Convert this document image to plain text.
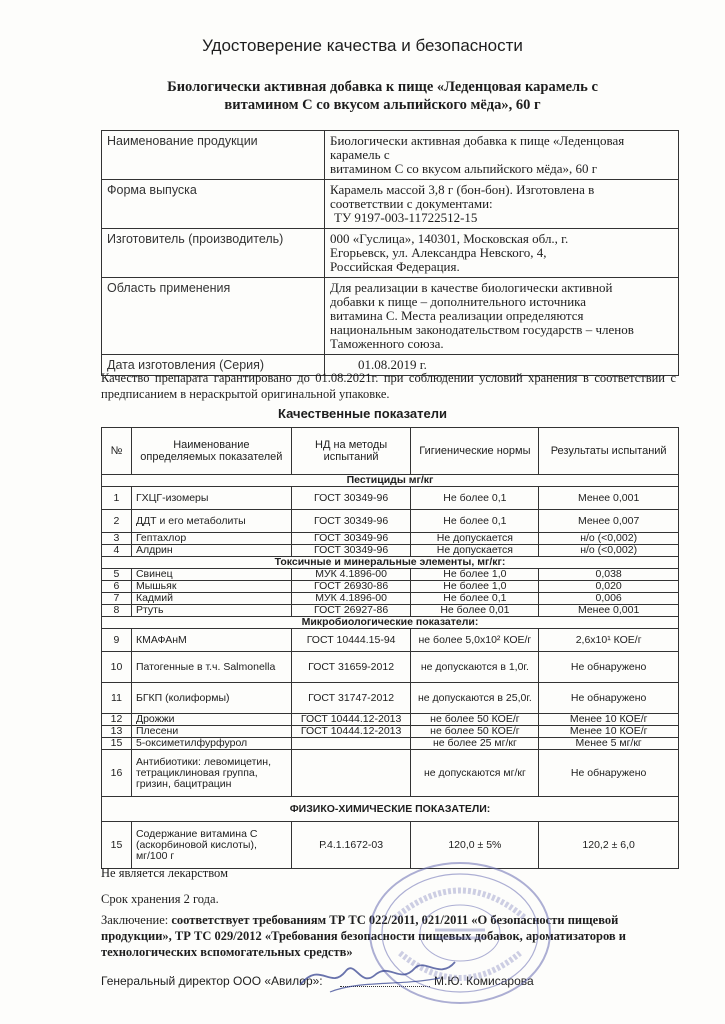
Удостоверение качества и безопасности
Биологически активная добавка к пище «Леденцовая карамель с
витамином С со вкусом альпийского мёда», 60 г
Наименование продукции	Биологически активная добавка к пище «Леденцовая
карамель с
витамином С со вкусом альпийского мёда», 60 г

Форма выпуска	Карамель массой 3,8 г (бон-бон). Изготовлена в
соответствии с документами:
ТУ 9197-003-11722512-15

Изготовитель (производитель)	000 «Гуслица», 140301, Московская обл., г.
Егорьевск, ул. Александра Невского, 4,
Российская Федерация.

Область применения	Для реализации в качестве биологически активной
добавки к пище – дополнительного источника
витамина С. Места реализации определяются
национальным законодательством государств – членов
Таможенного союза.

Дата изготовления (Серия)	01.08.2019 г.
Качество препарата гарантировано до 01.08.2021г. при соблюдении условий хранения в соответствии с предписанием в нераскрытой оригинальной упаковке.
Качественные показатели
№	Наименование определяемых показателей	НД на методы испытаний	Гигиенические нормы	Результаты испытаний
Пестициды мг/кг				
1	ГХЦГ-изомеры	ГОСТ 30349-96	Не более 0,1	Менее 0,001
2	ДДТ и его метаболиты	ГОСТ 30349-96	Не более 0,1	Менее 0,007
3	Гептахлор	ГОСТ 30349-96	Не допускается	н/о (<0,002)
4	Алдрин	ГОСТ 30349-96	Не допускается	н/о (<0,002)
Токсичные и минеральные элементы, мг/кг:				
5	Свинец	МУК 4.1896-00	Не более 1,0	0,038
6	Мышьяк	ГОСТ 26930-86	Не более 1,0	0,020
7	Кадмий	МУК 4.1896-00	Не более 0,1	0,006
8	Ртуть	ГОСТ 26927-86	Не более 0,01	Менее 0,001
Микробиологические показатели:				
9	КМАФАнМ	ГОСТ 10444.15-94	не более 5,0x10² КОЕ/г	2,6x10¹ КОЕ/г
10	Патогенные в т.ч. Salmonella	ГОСТ 31659-2012	не допускаются в 1,0г.	Не обнаружено
11	БГКП (колиформы)	ГОСТ 31747-2012	не допускаются в 25,0г.	Не обнаружено
12	Дрожжи	ГОСТ 10444.12-2013	не более 50 КОЕ/г	Менее 10 КОЕ/г
13	Плесени	ГОСТ 10444.12-2013	не более 50 КОЕ/г	Менее 10 КОЕ/г
15	5-оксиметилфурфурол		не более 25 мг/кг	Менее 5 мг/кг
16	Антибиотики: левомицетин, тетрациклиновая группа, гризин, бацитрацин		не допускаются мг/кг	Не обнаружено
ФИЗИКО-ХИМИЧЕСКИЕ ПОКАЗАТЕЛИ:				
15	Содержание витамина С (аскорбиновой кислоты), мг/100 г	Р.4.1.1672-03	120,0 ± 5%	120,2 ± 6,0
Не является лекарством
Срок хранения 2 года.
Заключение: соответствует требованиям ТР ТС 022/2011, 021/2011 «О безопасности пищевой продукции», ТР ТС 029/2012 «Требования безопасности пищевых добавок, ароматизаторов и технологических вспомогательных средств»
Генеральный директор ООО «Авилор»:	М.Ю. Комисарова
